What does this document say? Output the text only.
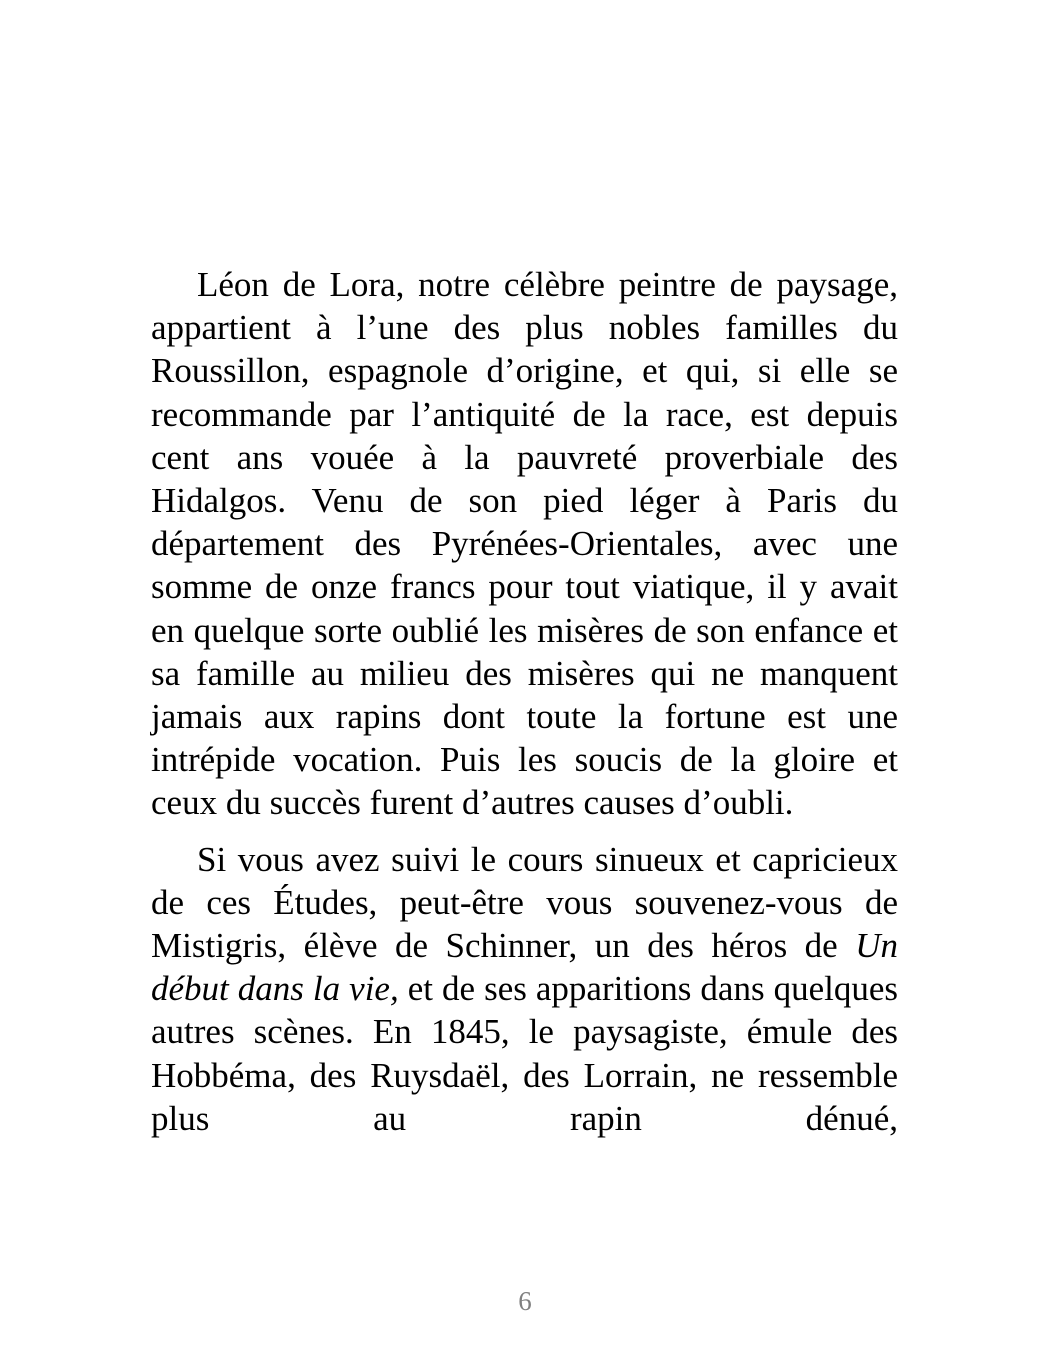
Léon de Lora, notre célèbre peintre de paysage, appartient à l’une des plus nobles familles du Roussillon, espagnole d’origine, et qui, si elle se recommande par l’antiquité de la race, est depuis cent ans vouée à la pauvreté proverbiale des Hidalgos. Venu de son pied léger à Paris du département des Pyrénées-Orientales, avec une somme de onze francs pour tout viatique, il y avait en quelque sorte oublié les misères de son enfance et sa famille au milieu des misères qui ne manquent jamais aux rapins dont toute la fortune est une intrépide vocation. Puis les soucis de la gloire et ceux du succès furent d’autres causes d’oubli.

Si vous avez suivi le cours sinueux et capricieux de ces Études, peut-être vous souvenez-vous de Mistigris, élève de Schinner, un des héros de Un début dans la vie, et de ses apparitions dans quelques autres scènes. En 1845, le paysagiste, émule des Hobbéma, des Ruysdaël, des Lorrain, ne ressemble plus au rapin dénué,

6
